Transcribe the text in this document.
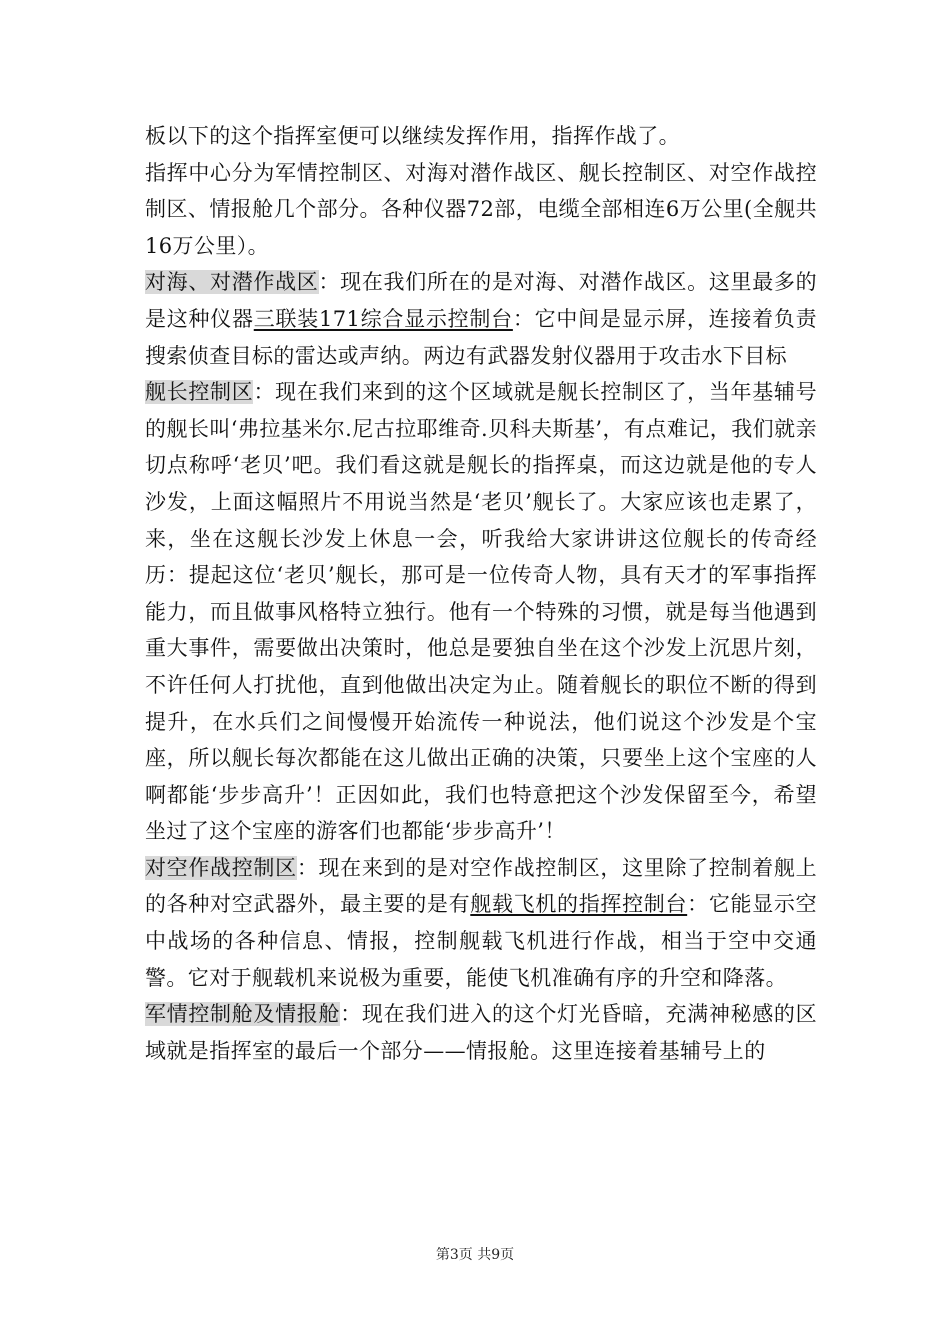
板以下的这个指挥室便可以继续发挥作用，指挥作战了。

指挥中心分为军情控制区、对海对潜作战区、舰长控制区、对空作战控制区、情报舱几个部分。各种仪器72部，电缆全部相连6万公里(全舰共16万公里）。

对海、对潜作战区：现在我们所在的是对海、对潜作战区。这里最多的是这种仪器三联装171综合显示控制台：它中间是显示屏，连接着负责搜索侦查目标的雷达或声纳。两边有武器发射仪器用于攻击水下目标

舰长控制区：现在我们来到的这个区域就是舰长控制区了，当年基辅号的舰长叫‘弗拉基米尔.尼古拉耶维奇.贝科夫斯基’，有点难记，我们就亲切点称呼‘老贝’吧。我们看这就是舰长的指挥桌，而这边就是他的专人沙发，上面这幅照片不用说当然是‘老贝’舰长了。大家应该也走累了，来，坐在这舰长沙发上休息一会，听我给大家讲讲这位舰长的传奇经历：提起这位‘老贝’舰长，那可是一位传奇人物，具有天才的军事指挥能力，而且做事风格特立独行。他有一个特殊的习惯，就是每当他遇到重大事件，需要做出决策时，他总是要独自坐在这个沙发上沉思片刻，不许任何人打扰他，直到他做出决定为止。随着舰长的职位不断的得到提升，在水兵们之间慢慢开始流传一种说法，他们说这个沙发是个宝座，所以舰长每次都能在这儿做出正确的决策，只要坐上这个宝座的人啊都能‘步步高升’！正因如此，我们也特意把这个沙发保留至今，希望坐过了这个宝座的游客们也都能‘步步高升’！

对空作战控制区：现在来到的是对空作战控制区，这里除了控制着舰上的各种对空武器外，最主要的是有舰载飞机的指挥控制台：它能显示空中战场的各种信息、情报，控制舰载飞机进行作战，相当于空中交通警。它对于舰载机来说极为重要，能使飞机准确有序的升空和降落。

军情控制舱及情报舱：现在我们进入的这个灯光昏暗，充满神秘感的区域就是指挥室的最后一个部分——情报舱。这里连接着基辅号上的

第3页 共9页
